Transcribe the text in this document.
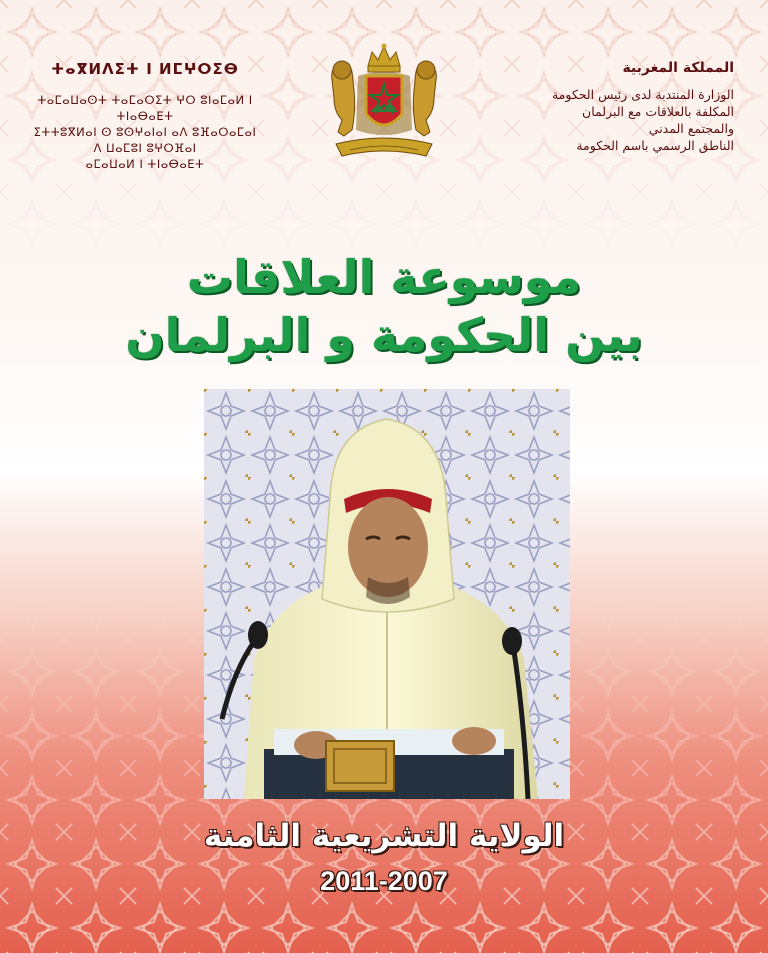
ⵜⴰⴳⵍⴷⵉⵜ ⵏ ⵍⵎⵖⵔⵉⴱ
ⵜⴰⵎⴰⵡⴰⵙⵜ ⵜⴰⵎⴰⵔⵉⵜ ⵖⵔ ⵓⵏⴰⵎⴰⵍ ⵏ ⵜⵏⴰⴱⴰⴹⵜ
ⵉⵜⵜⵓⴳⵍⴰⵏ ⵙ ⵓⵙⵖⴰⵏⴰⵏ ⴰⴷ ⵓⴼⴰⵔⴰⵎⴰⵏ
ⴷ ⵡⴰⵎⵓⵏ ⵓⵖⵔⴼⴰⵏ
ⴰⵎⴰⵡⴰⵍ ⵏ ⵜⵏⴰⴱⴰⴹⵜ
المملكة المغربية
الوزارة المنتدبة لدى رئيس الحكومة
المكلفة بالعلاقات مع البرلمان
والمجتمع المدني
الناطق الرسمي باسم الحكومة
موسوعة العلاقات
بين الحكومة و البرلمان
الولاية التشريعية الثامنة
2011-2007
